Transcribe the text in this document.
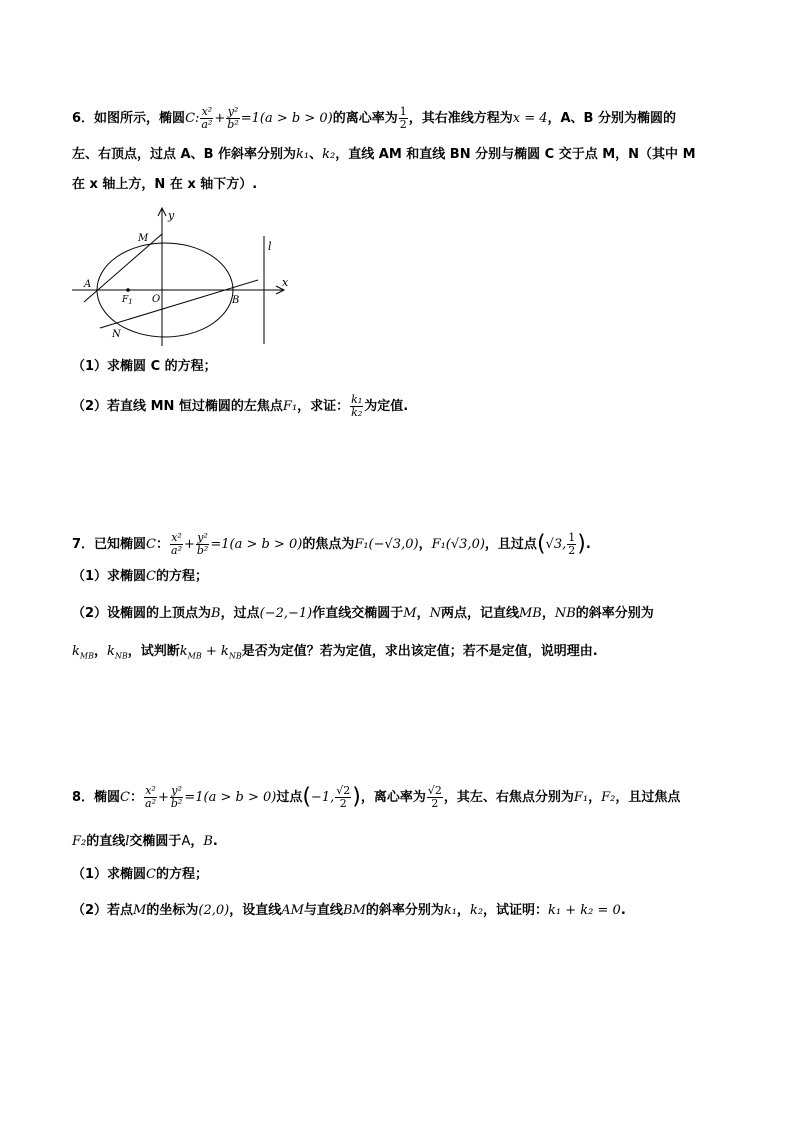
6．如图所示，椭圆C: $\frac{\text{x²}}{\text{a²}} + \frac{\text{y²}}{\text{b²}} =1(a > b > 0)$的离心率为 $\frac{1}{2}$ ，其右准线方程为x = 4，A、B 分别为椭圆的
左、右顶点，过点 A、B 作斜率分别为k₁、k₂，直线 AM 和直线 BN 分别与椭圆 C 交于点 M，N（其中 M
在 x 轴上方，N 在 x 轴下方）.
y
x
l
M
A
$F_1$ O	B
N
（1）求椭圆 C 的方程；
（2）若直线 MN 恒过椭圆的左焦点F₁，求证： $\frac{\text{k₁}}{\text{k₂}}$ 为定值.
7．已知椭圆C： $\frac{\text{x²}}{\text{a²}} + \frac{\text{y²}}{\text{b²}} =1(a > b > 0)$的焦点为F₁(−√3,0)，F₁(√3,0)，且过点(√3, $\frac{1}{2}$ ).
（1）求椭圆C的方程；
（2）设椭圆的上顶点为B，过点(−2,−1)作直线交椭圆于M，N两点，记直线MB，NB的斜率分别为
$k_{MB}$，$k_{NB}$，试判断$k_{MB} + k_{NB}$是否为定值？若为定值，求出该定值；若不是定值，说明理由.
8．椭圆C： $\frac{\text{x²}}{\text{a²}} + \frac{\text{y²}}{\text{b²}} =1(a > b > 0)$过点(−1, $\frac{√2}{2}$ )，离心率为 $\frac{√2}{2}$ ，其左、右焦点分别为F₁，F₂，且过焦点
F₂的直线l交椭圆于A，B.
（1）求椭圆C的方程；
（2）若点M的坐标为(2,0)，设直线AM与直线BM的斜率分别为k₁，k₂，试证明：k₁ + k₂ = 0.
